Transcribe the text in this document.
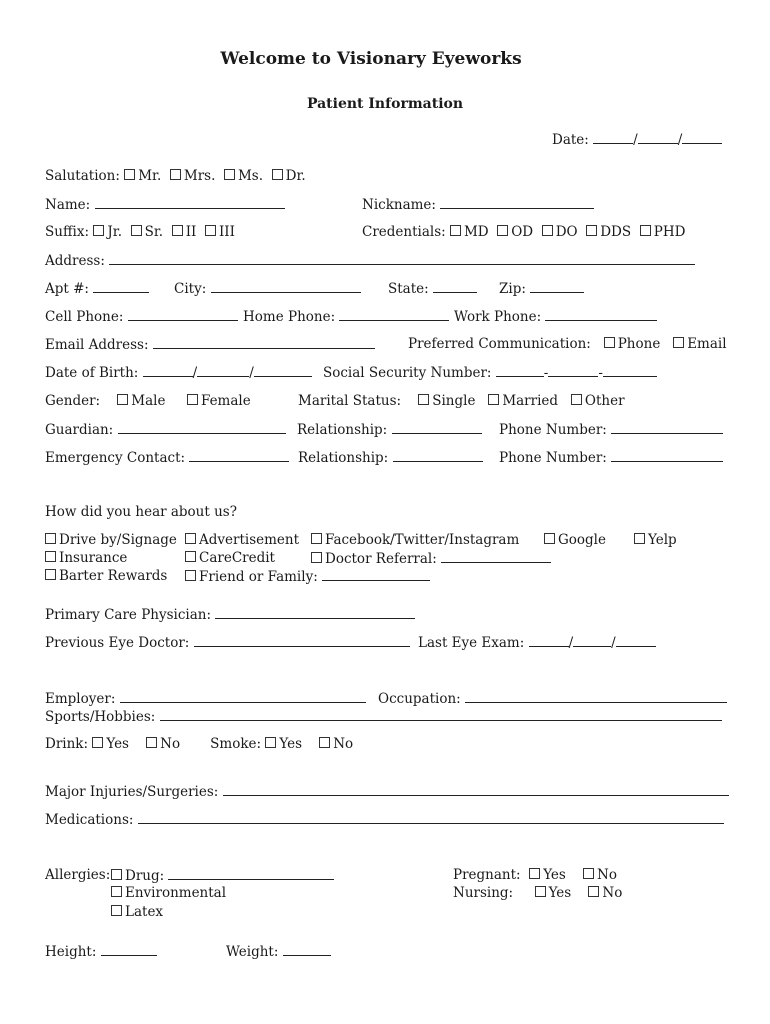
Welcome to Visionary Eyeworks
Patient Information
Date:	/	/
Salutation: Mr. Mrs. Ms. Dr.
Name:	Nickname:
Suffix: Jr. Sr. II III	Credentials: MD OD DO DDS PHD
Address:
Apt #:	City:	State:	Zip:
Cell Phone:	Home Phone:	Work Phone:
Email Address:	Preferred Communication: Phone Email
Date of Birth:	/	/	Social Security Number:	-	-
Gender: Male	Female	Marital Status: Single Married Other
Guardian:	Relationship:	Phone Number:
Emergency Contact:	Relationship:	Phone Number:
How did you hear about us?
Drive by/Signage	Advertisement	Facebook/Twitter/Instagram	Google	Yelp
Insurance	CareCredit	Doctor Referral:
Barter Rewards	Friend or Family:
Primary Care Physician:
Previous Eye Doctor:	Last Eye Exam:	/	/
Employer:	Occupation:
Sports/Hobbies:
Drink: Yes No Smoke: Yes No
Major Injuries/Surgeries:
Medications:
Allergies:	Drug:
Environmental
Latex
Pregnant: Yes No
Nursing:	Yes No
Height:	Weight:
